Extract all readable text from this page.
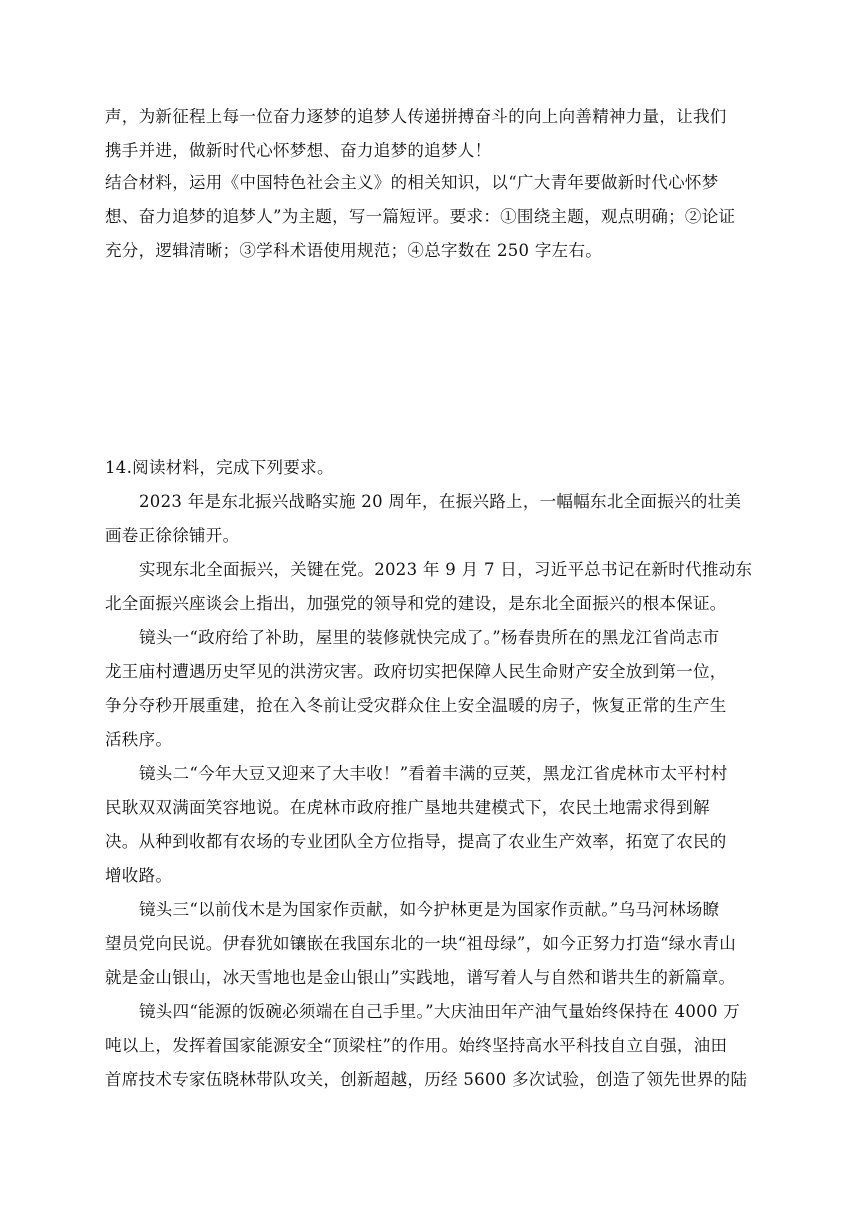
声，为新征程上每一位奋力逐梦的追梦人传递拼搏奋斗的向上向善精神力量，让我们
携手并进，做新时代心怀梦想、奋力追梦的追梦人！
结合材料，运用《中国特色社会主义》的相关知识，以“广大青年要做新时代心怀梦
想、奋力追梦的追梦人”为主题，写一篇短评。要求：①围绕主题，观点明确；②论证
充分，逻辑清晰；③学科术语使用规范；④总字数在 250 字左右。
14.阅读材料，完成下列要求。
2023 年是东北振兴战略实施 20 周年，在振兴路上，一幅幅东北全面振兴的壮美
画卷正徐徐铺开。
实现东北全面振兴，关键在党。2023 年 9 月 7 日，习近平总书记在新时代推动东
北全面振兴座谈会上指出，加强党的领导和党的建设，是东北全面振兴的根本保证。
镜头一“政府给了补助，屋里的装修就快完成了。”杨春贵所在的黑龙江省尚志市
龙王庙村遭遇历史罕见的洪涝灾害。政府切实把保障人民生命财产安全放到第一位，
争分夺秒开展重建，抢在入冬前让受灾群众住上安全温暖的房子，恢复正常的生产生
活秩序。
镜头二“今年大豆又迎来了大丰收！”看着丰满的豆荚，黑龙江省虎林市太平村村
民耿双双满面笑容地说。在虎林市政府推广垦地共建模式下，农民土地需求得到解
决。从种到收都有农场的专业团队全方位指导，提高了农业生产效率，拓宽了农民的
增收路。
镜头三“以前伐木是为国家作贡献，如今护林更是为国家作贡献。”乌马河林场瞭
望员党向民说。伊春犹如镶嵌在我国东北的一块“祖母绿”，如今正努力打造“绿水青山
就是金山银山，冰天雪地也是金山银山”实践地，谱写着人与自然和谐共生的新篇章。
镜头四“能源的饭碗必须端在自己手里。”大庆油田年产油气量始终保持在 4000 万
吨以上，发挥着国家能源安全“顶梁柱”的作用。始终坚持高水平科技自立自强，油田
首席技术专家伍晓林带队攻关，创新超越，历经 5600 多次试验，创造了领先世界的陆
